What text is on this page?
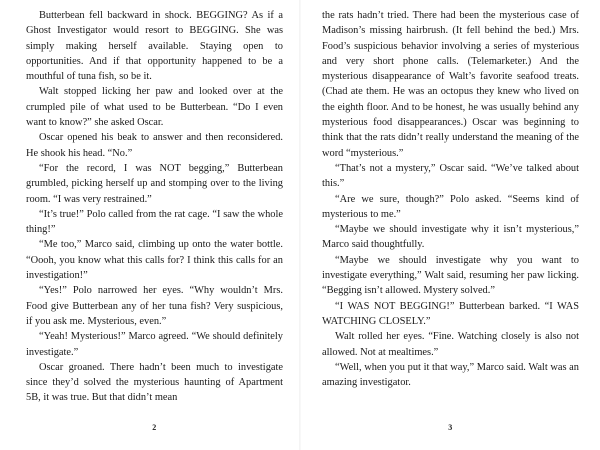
Butterbean fell backward in shock. BEGGING? As if a Ghost Investigator would resort to BEGGING. She was simply making herself available. Staying open to opportunities. And if that opportunity happened to be a mouthful of tuna fish, so be it.

Walt stopped licking her paw and looked over at the crumpled pile of what used to be Butterbean. “Do I even want to know?” she asked Oscar.

Oscar opened his beak to answer and then reconsidered. He shook his head. “No.”

“For the record, I was NOT begging,” Butterbean grumbled, picking herself up and stomping over to the living room. “I was very restrained.”

“It’s true!” Polo called from the rat cage. “I saw the whole thing!”

“Me too,” Marco said, climbing up onto the water bottle. “Oooh, you know what this calls for? I think this calls for an investigation!”

“Yes!” Polo narrowed her eyes. “Why wouldn’t Mrs. Food give Butterbean any of her tuna fish? Very suspicious, if you ask me. Mysterious, even.”

“Yeah! Mysterious!” Marco agreed. “We should definitely investigate.”

Oscar groaned. There hadn’t been much to investigate since they’d solved the mysterious haunting of Apartment 5B, it was true. But that didn’t mean

2

the rats hadn’t tried. There had been the mysterious case of Madison’s missing hairbrush. (It fell behind the bed.) Mrs. Food’s suspicious behavior involving a series of mysterious and very short phone calls. (Telemarketer.) And the mysterious disappearance of Walt’s favorite seafood treats. (Chad ate them. He was an octopus they knew who lived on the eighth floor. And to be honest, he was usually behind any mysterious food disappearances.) Oscar was beginning to think that the rats didn’t really understand the meaning of the word “mysterious.”

“That’s not a mystery,” Oscar said. “We’ve talked about this.”

“Are we sure, though?” Polo asked. “Seems kind of mysterious to me.”

“Maybe we should investigate why it isn’t mysterious,” Marco said thoughtfully.

“Maybe we should investigate why you want to investigate everything,” Walt said, resuming her paw licking. “Begging isn’t allowed. Mystery solved.”

“I WAS NOT BEGGING!” Butterbean barked. “I WAS WATCHING CLOSELY.”

Walt rolled her eyes. “Fine. Watching closely is also not allowed. Not at mealtimes.”

“Well, when you put it that way,” Marco said. Walt was an amazing investigator.

3
